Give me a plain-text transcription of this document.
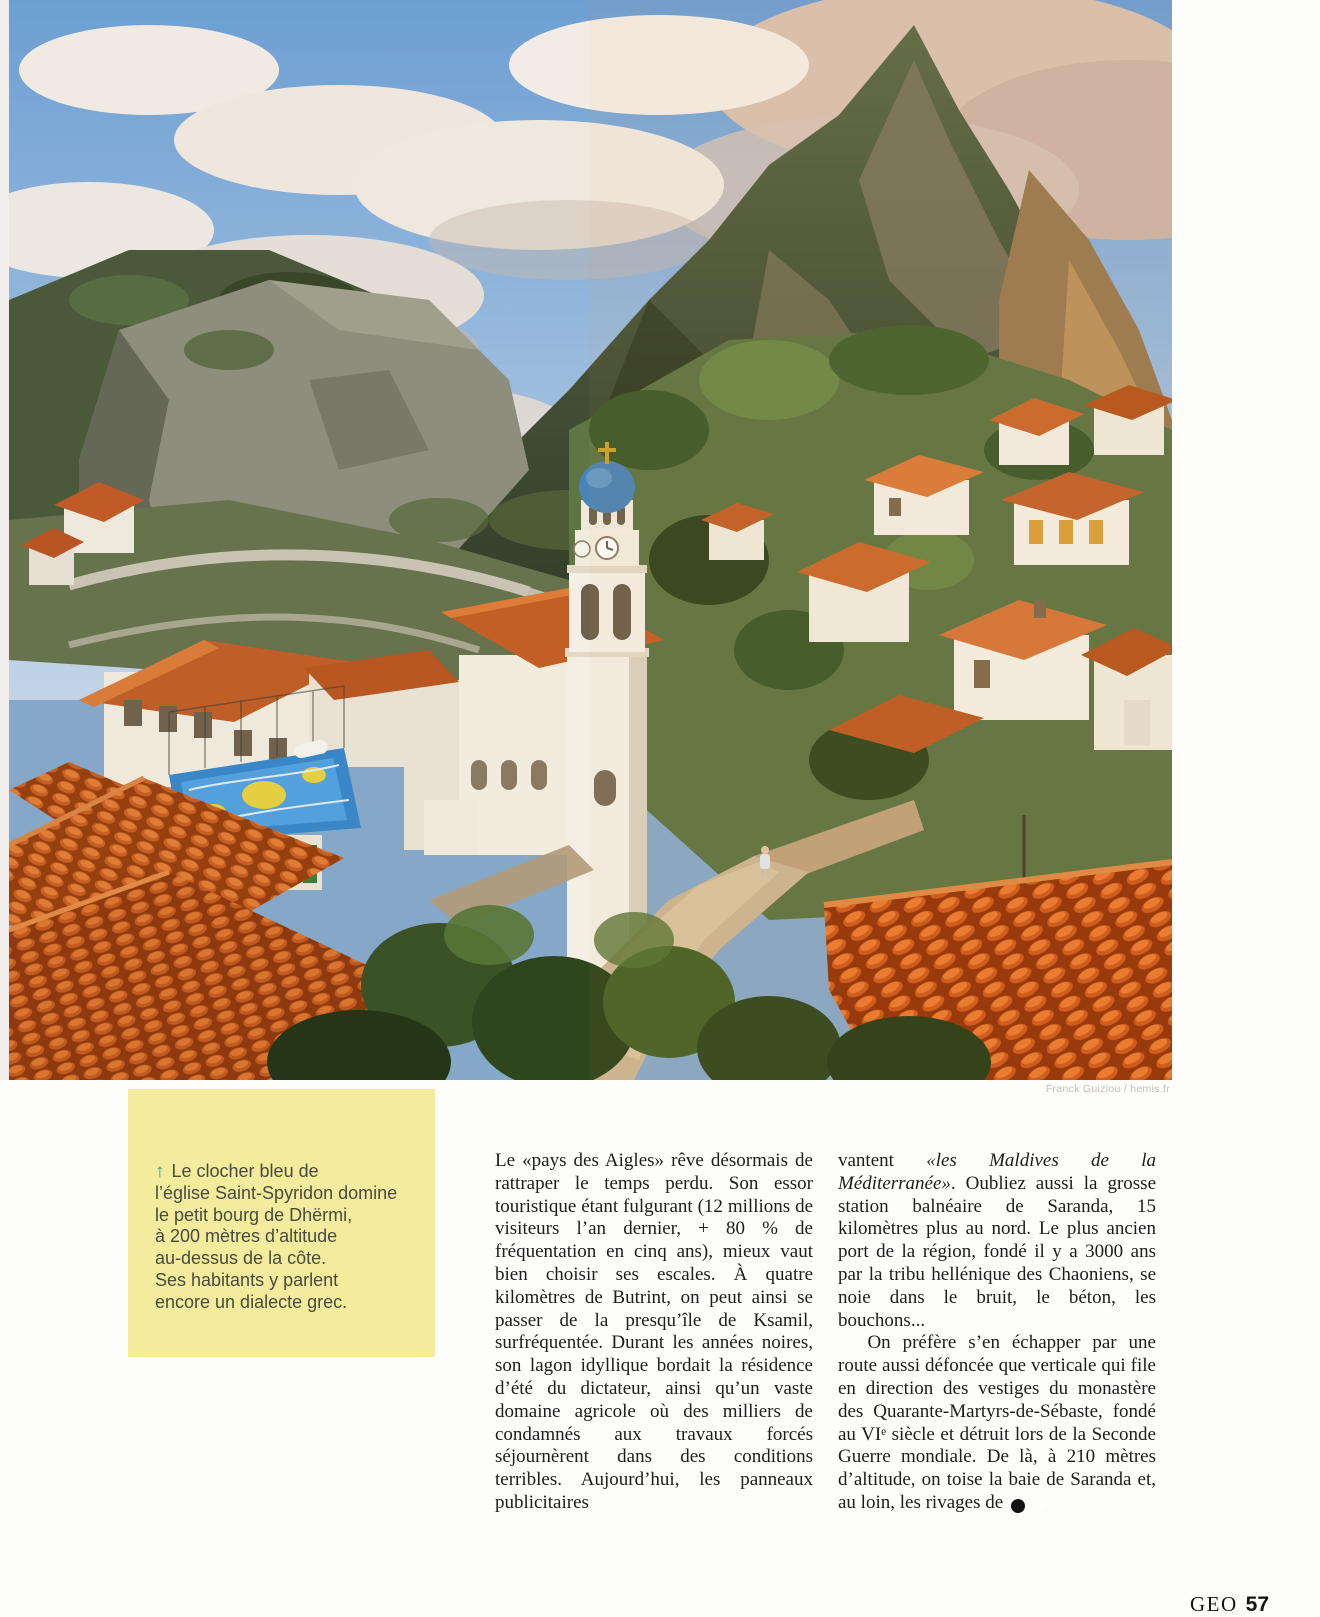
Franck Guiziou / hemis.fr
↑ Le clocher bleu de
l’église Saint-Spyridon domine
le petit bourg de Dhërmi,
à 200 mètres d’altitude
au-dessus de la côte.
Ses habitants y parlent
encore un dialecte grec.

Le «pays des Aigles» rêve désormais de rattraper le temps perdu. Son essor touristique étant fulgurant (12 millions de visiteurs l’an dernier, + 80 % de fréquentation en cinq ans), mieux vaut bien choisir ses escales. À quatre kilomètres de Butrint, on peut ainsi se passer de la presqu’île de Ksamil, surfréquentée. Durant les années noires, son lagon idyllique bordait la résidence d’été du dictateur, ainsi qu’un vaste domaine agricole où des milliers de condamnés aux travaux forcés séjournèrent dans des conditions terribles. Aujourd’hui, les panneaux publicitaires

vantent «les Maldives de la Méditerranée». Oubliez aussi la grosse station balnéaire de Saranda, 15 kilomètres plus au nord. Le plus ancien port de la région, fondé il y a 3000 ans par la tribu hellénique des Chaoniens, se noie dans le bruit, le béton, les bouchons...

On préfère s’en échapper par une route aussi défoncée que verticale qui file en direction des vestiges du monastère des Quarante-Martyrs-de-Sébaste, fondé au VIᵉ siècle et détruit lors de la Seconde Guerre mondiale. De là, à 210 mètres d’altitude, on toise la baie de Saranda et, au loin, les rivages de	▸

GEO 57
